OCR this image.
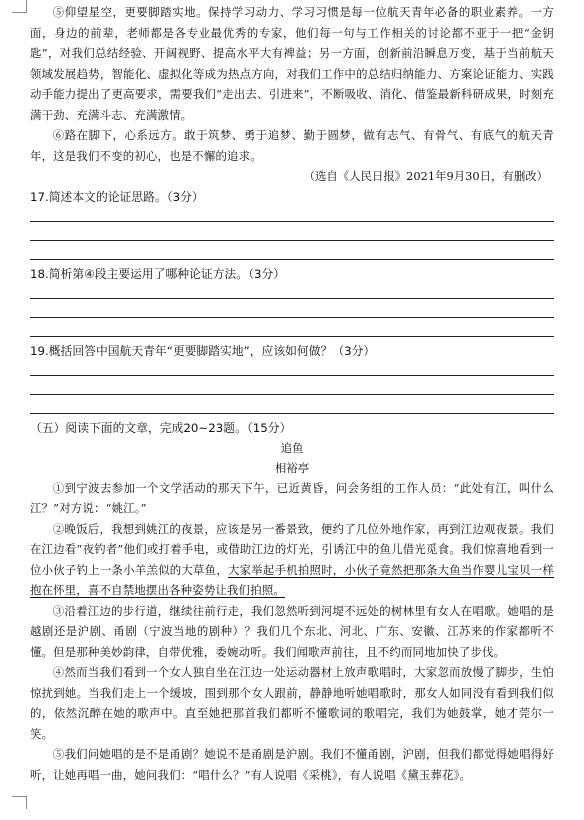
⑤仰望星空，更要脚踏实地。保持学习动力、学习习惯是每一位航天青年必备的职业素养。一方面，身边的前辈，老师都是各专业最优秀的专家，他们每一句与工作相关的讨论都不亚于一把“金钥匙”，对我们总结经验、开阔视野、提高水平大有裨益；另一方面，创新前沿瞬息万变，基于当前航天领域发展趋势，智能化、虚拟化等成为热点方向，对我们工作中的总结归纳能力、方案论证能力、实践动手能力提出了更高要求，需要我们“走出去、引进来”，不断吸收、消化、借鉴最新科研成果，时刻充满干劲、充满斗志、充满激情。

⑥路在脚下，心系远方。敢于筑梦、勇于追梦、勤于圆梦，做有志气、有骨气、有底气的航天青年，这是我们不变的初心，也是不懈的追求。

（选自《人民日报》2021年9月30日，有删改）

17.简述本文的论证思路。（3分）

18.简析第④段主要运用了哪种论证方法。（3分）

19.概括回答中国航天青年“更要脚踏实地”，应该如何做？（3分）

（五）阅读下面的文章，完成20~23题。（15分）

追鱼

相裕亭

①到宁波去参加一个文学活动的那天下午，已近黄昏，问会务组的工作人员：“此处有江，叫什么江？”对方说：“姚江。”

②晚饭后，我想到姚江的夜景，应该是另一番景致，便约了几位外地作家，再到江边观夜景。我们在江边看“夜钓者”他们或打着手电，或借助江边的灯光，引诱江中的鱼儿借光觅食。我们惊喜地看到一位小伙子钓上一条小羊羔似的大草鱼，大家举起手机拍照时，小伙子竟然把那条大鱼当作婴儿宝贝一样抱在怀里，喜不自禁地摆出各种姿势让我们拍照。

③沿着江边的步行道，继续往前行走，我们忽然听到河堤不远处的树林里有女人在唱歌。她唱的是越剧还是沪剧、甬剧（宁波当地的剧种）？我们几个东北、河北、广东、安徽、江苏来的作家都听不懂。但是那种美妙韵律，自带优雅，委婉动听。我们闻歌声前往，且不约而同地加快了步伐。

④然而当我们看到一个女人独自坐在江边一处运动器材上放声歌唱时，大家忽而放慢了脚步，生怕惊扰到她。当我们走上一个缓坡，围到那个女人跟前，静静地听她唱歌时，那女人如同没有看到我们似的，依然沉醉在她的歌声中。直至她把那首我们都听不懂歌词的歌唱完，我们为她鼓掌，她才莞尔一笑。

⑤我们问她唱的是不是甬剧？她说不是甬剧是沪剧。我们不懂甬剧，沪剧，但我们都觉得她唱得好听，让她再唱一曲，她问我们：“唱什么？”有人说唱《采桃》，有人说唱《黛玉葬花》。
